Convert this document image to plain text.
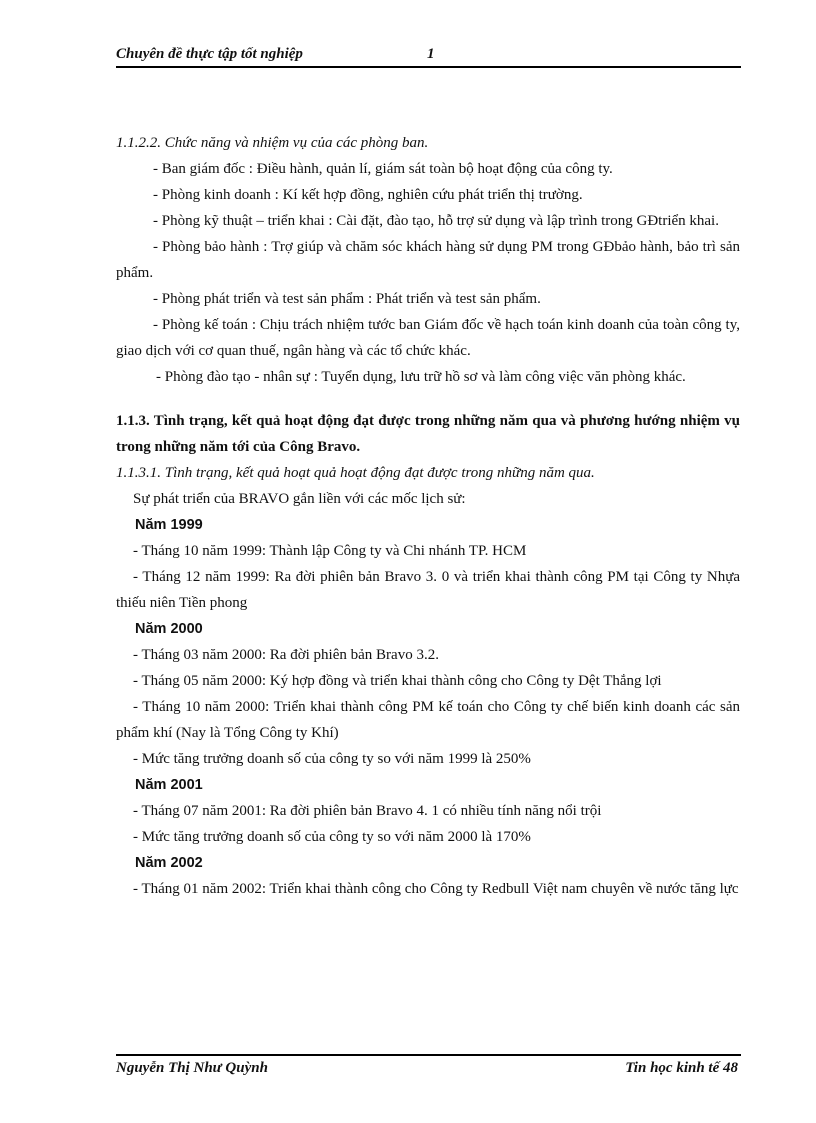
Chuyên đề thực tập tốt nghiệp	1

1.1.2.2. Chức năng và nhiệm vụ của các phòng ban.

- Ban giám đốc : Điều hành, quản lí, giám sát toàn bộ hoạt động của công ty.

- Phòng kinh doanh : Kí kết hợp đồng, nghiên cứu phát triển thị trường.

- Phòng kỹ thuật – triển khai : Cài đặt, đào tạo, hỗ trợ sử dụng và lập trình trong GĐtriển khai.

- Phòng bảo hành : Trợ giúp và chăm sóc khách hàng sử dụng PM trong GĐbảo hành, bảo trì sản phẩm.

- Phòng phát triển và test sản phẩm : Phát triển và test sản phẩm.

- Phòng kế toán : Chịu trách nhiệm tước ban Giám đốc về hạch toán kinh doanh của toàn công ty, giao dịch với cơ quan thuế, ngân hàng và các tổ chức khác.

- Phòng đào tạo - nhân sự : Tuyển dụng, lưu trữ hồ sơ và làm công việc văn phòng khác.

1.1.3. Tình trạng, kết quả hoạt động đạt được trong những năm qua và phương hướng nhiệm vụ trong những năm tới của Công Bravo.

1.1.3.1. Tình trạng, kết quả hoạt quả hoạt động đạt được trong những năm qua.

Sự phát triển của BRAVO gắn liền với các mốc lịch sử:

Năm 1999

- Tháng 10 năm 1999: Thành lập Công ty và Chi nhánh TP. HCM

- Tháng 12 năm 1999: Ra đời phiên bản Bravo 3. 0 và triển khai thành công PM tại Công ty Nhựa thiếu niên Tiền phong

Năm 2000

- Tháng 03 năm 2000: Ra đời phiên bản Bravo 3.2.

- Tháng 05 năm 2000: Ký hợp đồng và triển khai thành công cho Công ty Dệt Thắng lợi

- Tháng 10 năm 2000: Triển khai thành công PM kế toán cho Công ty chế biến kinh doanh các sản phẩm khí (Nay là Tổng Công ty Khí)

- Mức tăng trưởng doanh số của công ty so với năm 1999 là 250%

Năm 2001

- Tháng 07 năm 2001: Ra đời phiên bản Bravo 4. 1 có nhiều tính năng nổi trội

- Mức tăng trưởng doanh số của công ty so với năm 2000 là 170%

Năm 2002

- Tháng 01 năm 2002: Triển khai thành công cho Công ty Redbull Việt nam chuyên về nước tăng lực

Nguyễn Thị Như Quỳnh	Tin học kinh tế 48
